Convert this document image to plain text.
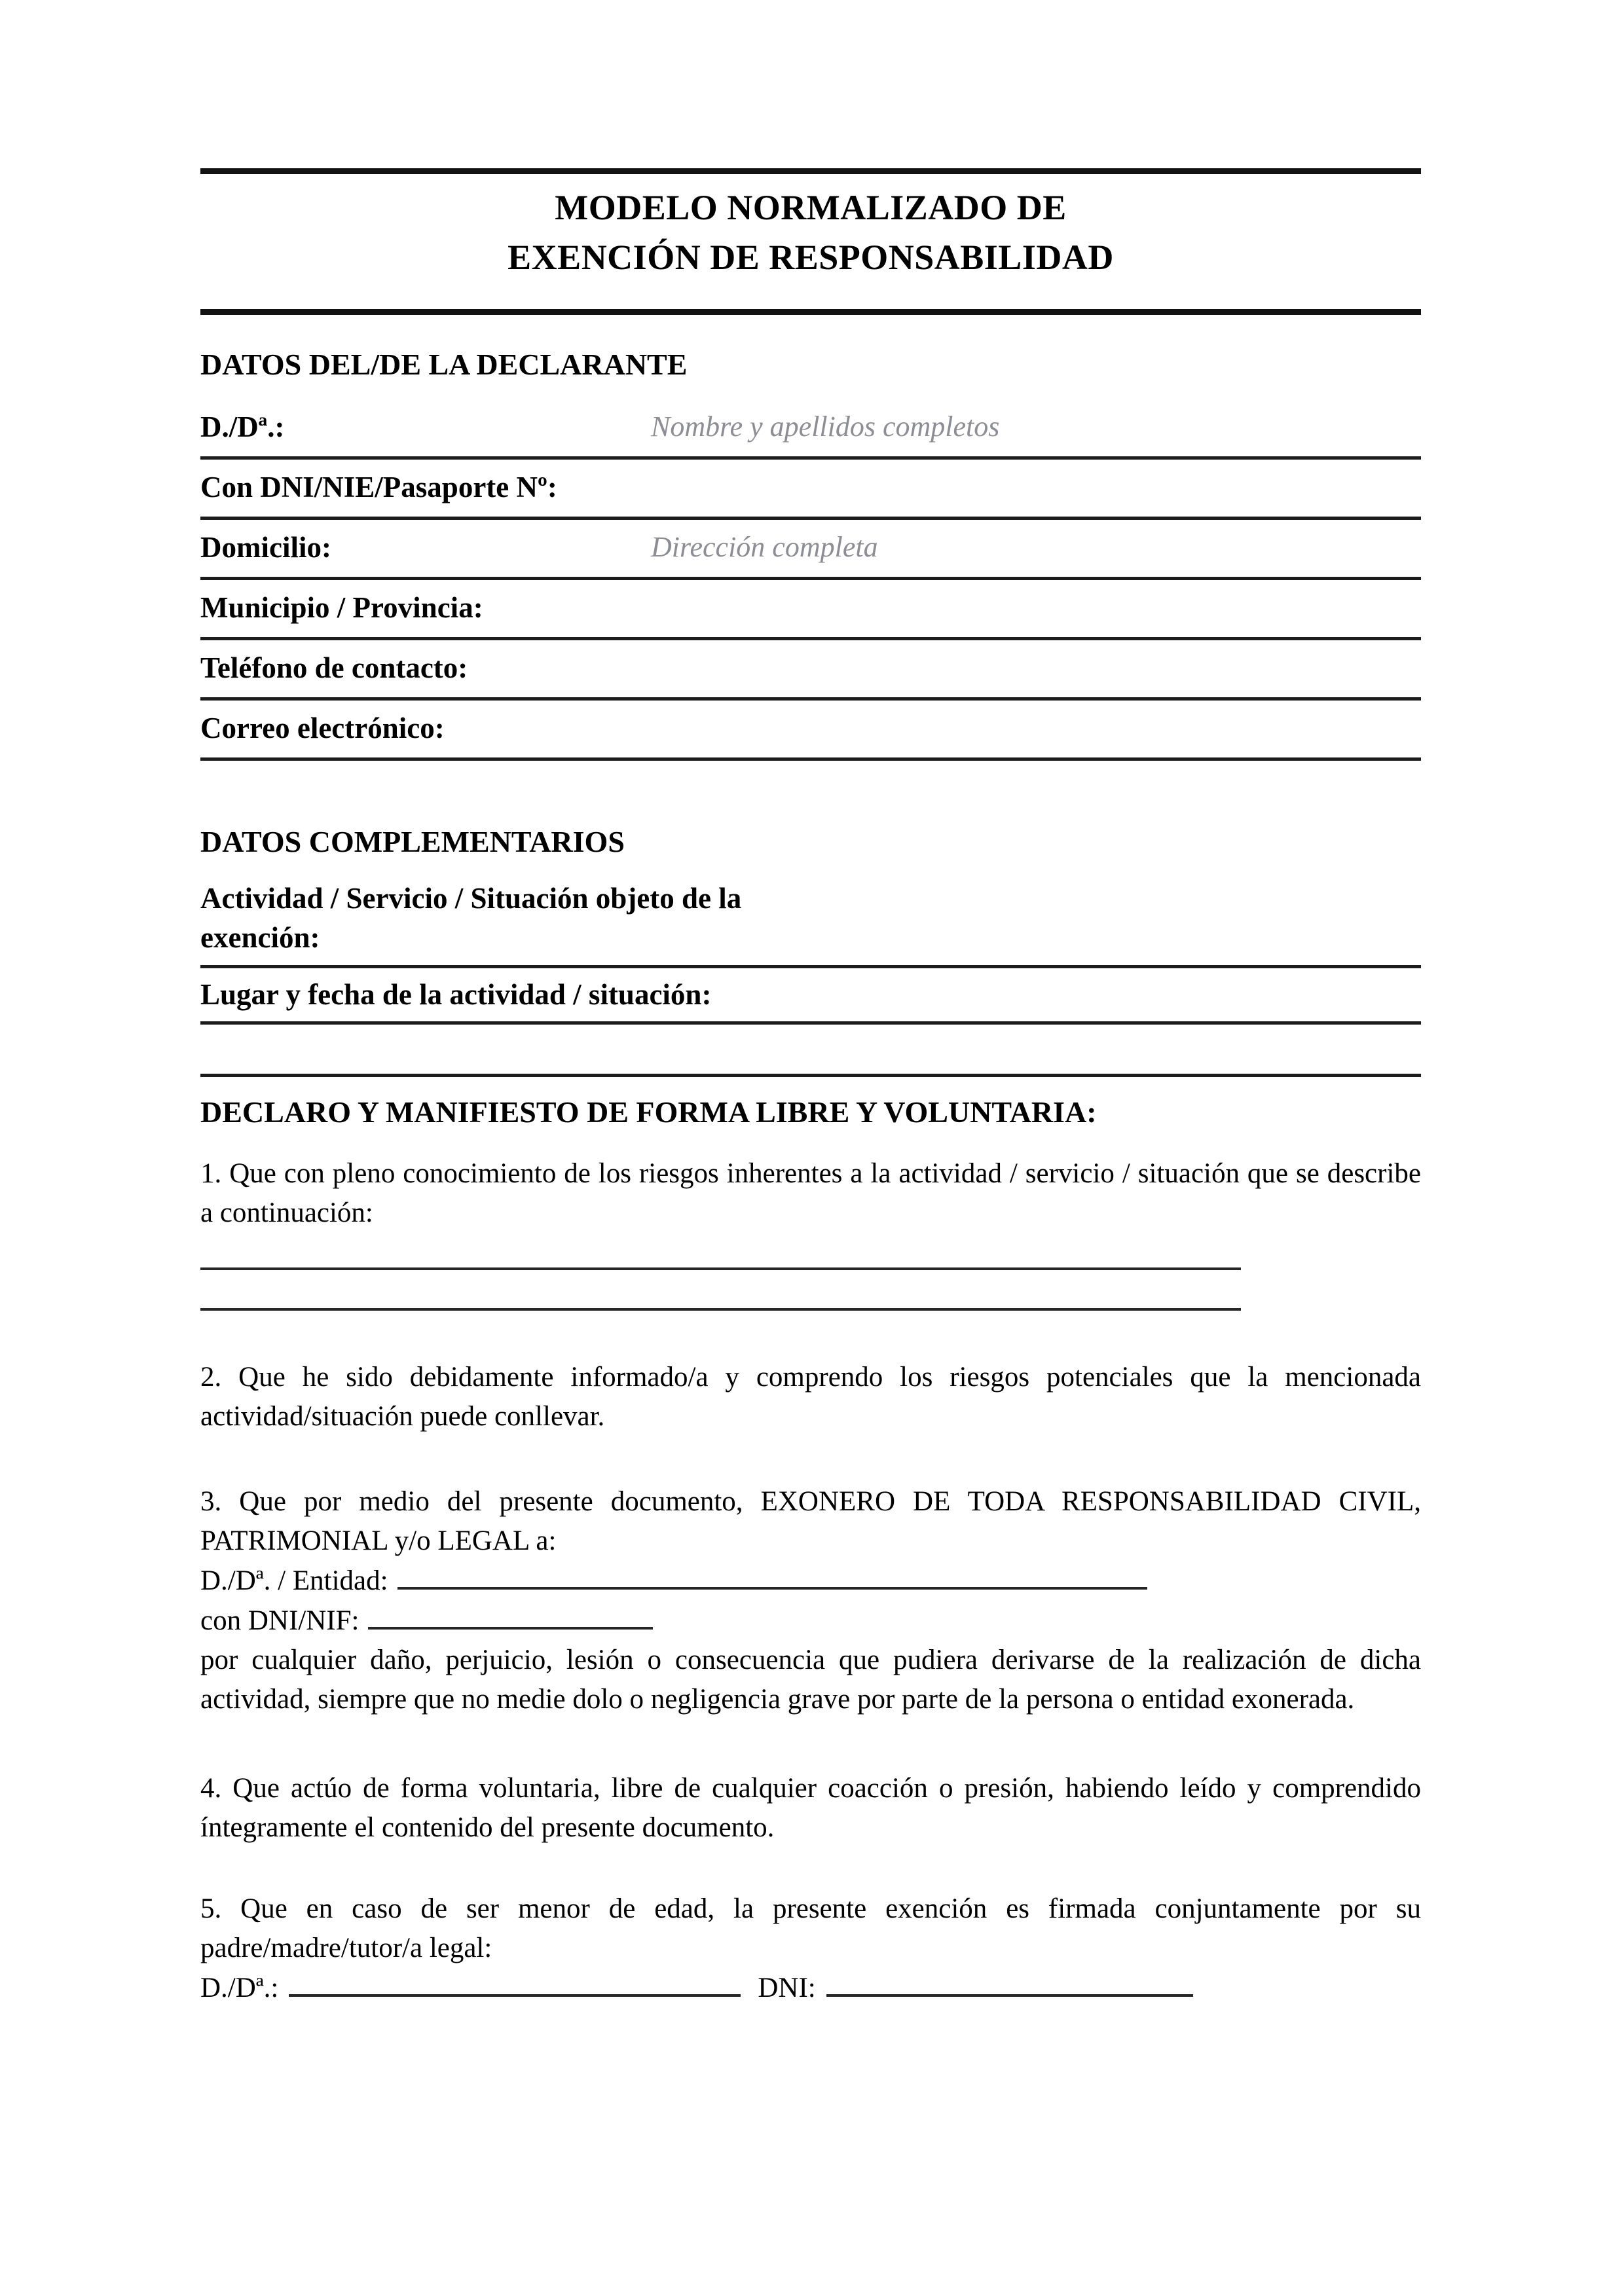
MODELO NORMALIZADO DE
EXENCIÓN DE RESPONSABILIDAD
DATOS DEL/DE LA DECLARANTE
D./Dª.:	Nombre y apellidos completos
Con DNI/NIE/Pasaporte Nº:
Domicilio:	Dirección completa
Municipio / Provincia:
Teléfono de contacto:
Correo electrónico:
DATOS COMPLEMENTARIOS
Actividad / Servicio / Situación objeto de la
exención:
Lugar y fecha de la actividad / situación:
DECLARO Y MANIFIESTO DE FORMA LIBRE Y VOLUNTARIA:

1. Que con pleno conocimiento de los riesgos inherentes a la actividad / servicio / situación que se describe a continuación:

2. Que he sido debidamente informado/a y comprendo los riesgos potenciales que la mencionada actividad/situación puede conllevar.

3. Que por medio del presente documento, EXONERO DE TODA RESPONSABILIDAD CIVIL, PATRIMONIAL y/o LEGAL a:

D./Dª. / Entidad:
con DNI/NIF:

por cualquier daño, perjuicio, lesión o consecuencia que pudiera derivarse de la realización de dicha actividad, siempre que no medie dolo o negligencia grave por parte de la persona o entidad exonerada.

4. Que actúo de forma voluntaria, libre de cualquier coacción o presión, habiendo leído y comprendido íntegramente el contenido del presente documento.

5. Que en caso de ser menor de edad, la presente exención es firmada conjuntamente por su padre/madre/tutor/a legal:

D./Dª.:	DNI:
